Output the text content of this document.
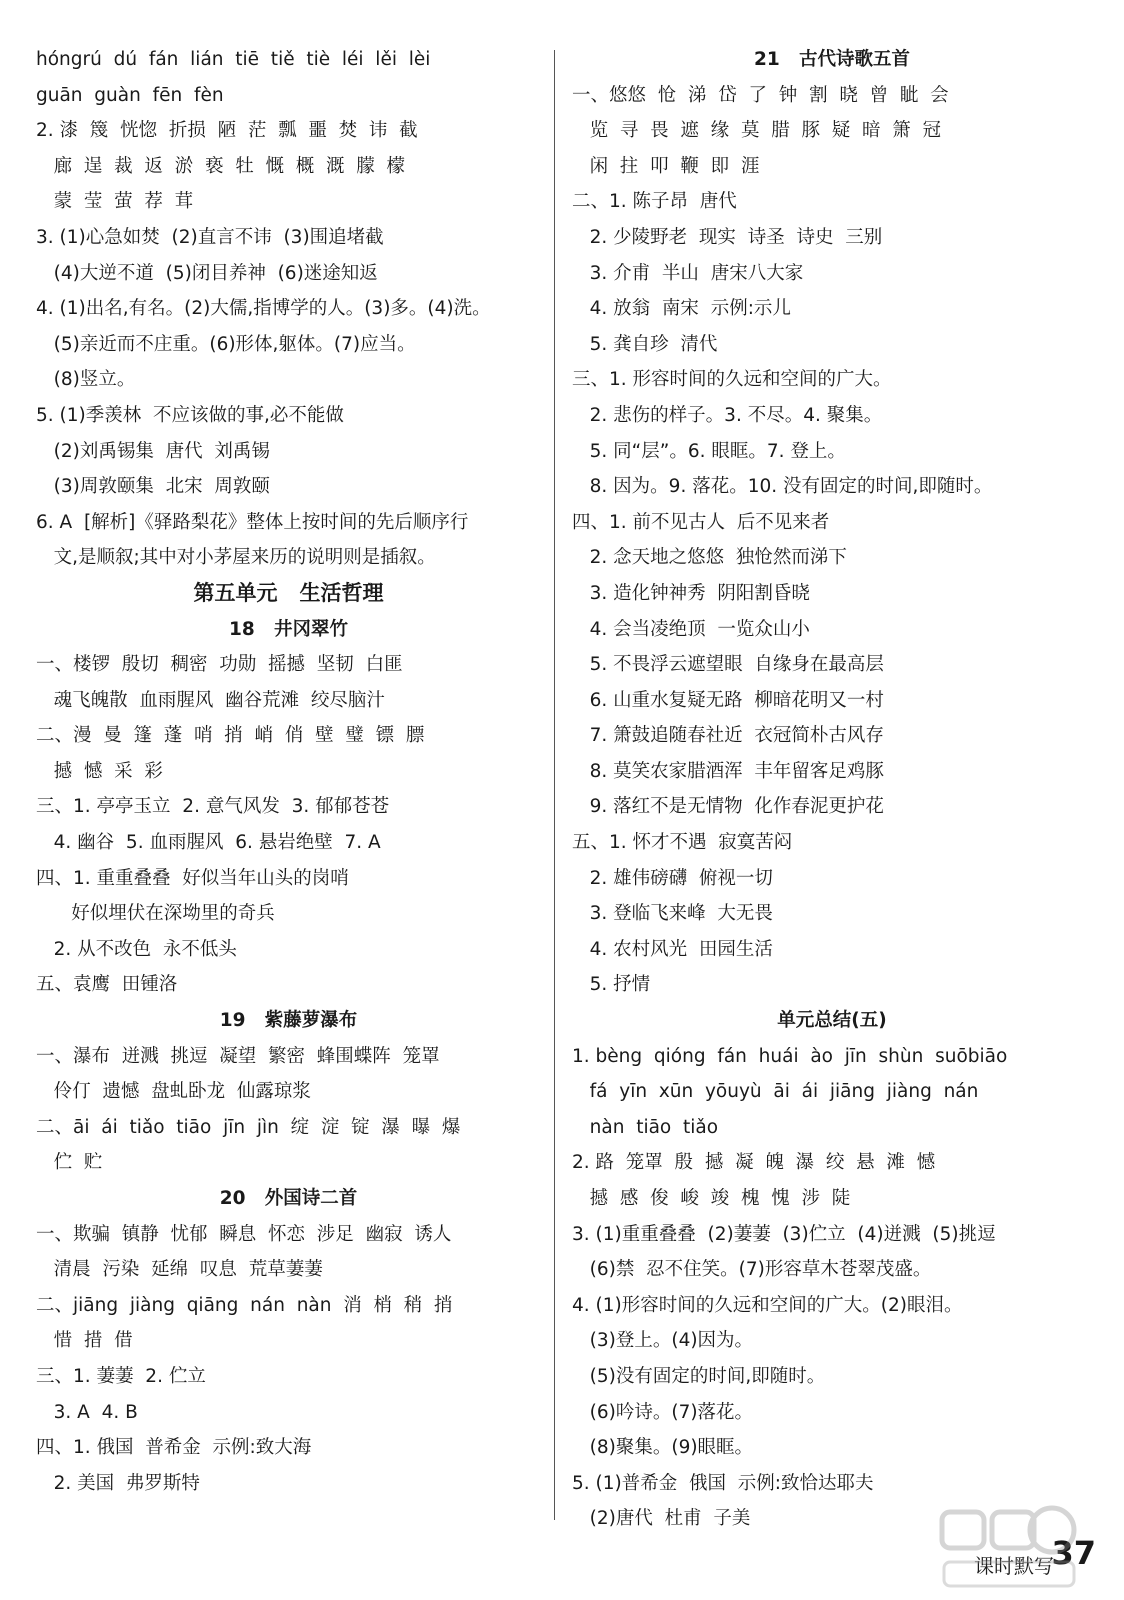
hóngrú  dú  fán  lián  tiē  tiě  tiè  léi  lěi  lèi
guān  guàn  fēn  fèn
2. 漆  篾  恍惚  折损  陋  茫  瓢  噩  焚  讳  截
廊  逞  裁  返  淤  亵  牡  慨  概  溉  朦  檬
蒙  莹  萤  荐  茸
3. (1)心急如焚  (2)直言不讳  (3)围追堵截
(4)大逆不道  (5)闭目养神  (6)迷途知返
4. (1)出名,有名。(2)大儒,指博学的人。(3)多。(4)洗。
(5)亲近而不庄重。(6)形体,躯体。(7)应当。
(8)竖立。
5. (1)季羡林  不应该做的事,必不能做
(2)刘禹锡集  唐代  刘禹锡
(3)周敦颐集  北宋  周敦颐
6. A  [解析]《驿路梨花》整体上按时间的先后顺序行
文,是顺叙;其中对小茅屋来历的说明则是插叙。
第五单元   生活哲理
18   井冈翠竹
一、楼锣  殷切  稠密  功勋  摇撼  坚韧  白匪
魂飞魄散  血雨腥风  幽谷荒滩  绞尽脑汁
二、漫  曼  篷  蓬  哨  捎  峭  俏  壁  璧  镖  膘
撼  憾  采  彩
三、1. 亭亭玉立  2. 意气风发  3. 郁郁苍苍
4. 幽谷  5. 血雨腥风  6. 悬岩绝壁  7. A
四、1. 重重叠叠  好似当年山头的岗哨
好似埋伏在深坳里的奇兵
2. 从不改色  永不低头
五、袁鹰  田锺洛
19   紫藤萝瀑布
一、瀑布  迸溅  挑逗  凝望  繁密  蜂围蝶阵  笼罩
伶仃  遗憾  盘虬卧龙  仙露琼浆
二、āi  ái  tiǎo  tiāo  jīn  jìn  绽  淀  锭  瀑  曝  爆
伫  贮
20   外国诗二首
一、欺骗  镇静  忧郁  瞬息  怀恋  涉足  幽寂  诱人
清晨  污染  延绵  叹息  荒草萋萋
二、jiāng  jiàng  qiāng  nán  nàn  消  梢  稍  捎
惜  措  借
三、1. 萋萋  2. 伫立
3. A  4. B
四、1. 俄国  普希金  示例:致大海
2. 美国  弗罗斯特
21   古代诗歌五首
一、悠悠  怆  涕  岱  了  钟  割  晓  曾  眦  会
览  寻  畏  遮  缘  莫  腊  豚  疑  暗  箫  冠
闲  拄  叩  鞭  即  涯
二、1. 陈子昂  唐代
2. 少陵野老  现实  诗圣  诗史  三别
3. 介甫  半山  唐宋八大家
4. 放翁  南宋  示例:示儿
5. 龚自珍  清代
三、1. 形容时间的久远和空间的广大。
2. 悲伤的样子。3. 不尽。4. 聚集。
5. 同“层”。6. 眼眶。7. 登上。
8. 因为。9. 落花。10. 没有固定的时间,即随时。
四、1. 前不见古人  后不见来者
2. 念天地之悠悠  独怆然而涕下
3. 造化钟神秀  阴阳割昏晓
4. 会当凌绝顶  一览众山小
5. 不畏浮云遮望眼  自缘身在最高层
6. 山重水复疑无路  柳暗花明又一村
7. 箫鼓追随春社近  衣冠简朴古风存
8. 莫笑农家腊酒浑  丰年留客足鸡豚
9. 落红不是无情物  化作春泥更护花
五、1. 怀才不遇  寂寞苦闷
2. 雄伟磅礴  俯视一切
3. 登临飞来峰  大无畏
4. 农村风光  田园生活
5. 抒情
单元总结(五)
1. bèng  qióng  fán  huái  ào  jīn  shùn  suōbiāo
fá  yīn  xūn  yōuyù  āi  ái  jiāng  jiàng  nán
nàn  tiāo  tiǎo
2. 路  笼罩  殷  撼  凝  魄  瀑  绞  悬  滩  憾
撼  感  俊  峻  竣  槐  愧  涉  陡
3. (1)重重叠叠  (2)萋萋  (3)伫立  (4)迸溅  (5)挑逗
(6)禁  忍不住笑。(7)形容草木苍翠茂盛。
4. (1)形容时间的久远和空间的广大。(2)眼泪。
(3)登上。(4)因为。
(5)没有固定的时间,即随时。
(6)吟诗。(7)落花。
(8)聚集。(9)眼眶。
5. (1)普希金  俄国  示例:致恰达耶夫
(2)唐代  杜甫  子美
课时默写
37
